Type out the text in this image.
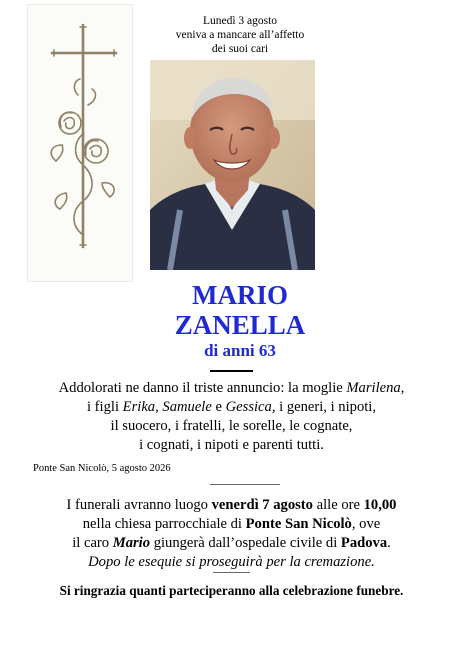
Lunedì 3 agosto
veniva a mancare all’affetto
dei suoi cari
MARIO
ZANELLA
di anni 63
Addolorati ne danno il triste annuncio: la moglie Marilena,
i figli Erika, Samuele e Gessica, i generi, i nipoti,
il suocero, i fratelli, le sorelle, le cognate,
i cognati, i nipoti e parenti tutti.
Ponte San Nicolò, 5 agosto 2026
I funerali avranno luogo venerdì 7 agosto alle ore 10,00
nella chiesa parrocchiale di Ponte San Nicolò, ove
il caro Mario giungerà dall’ospedale civile di Padova.
Dopo le esequie si proseguirà per la cremazione.
Si ringrazia quanti parteciperanno alla celebrazione funebre.
